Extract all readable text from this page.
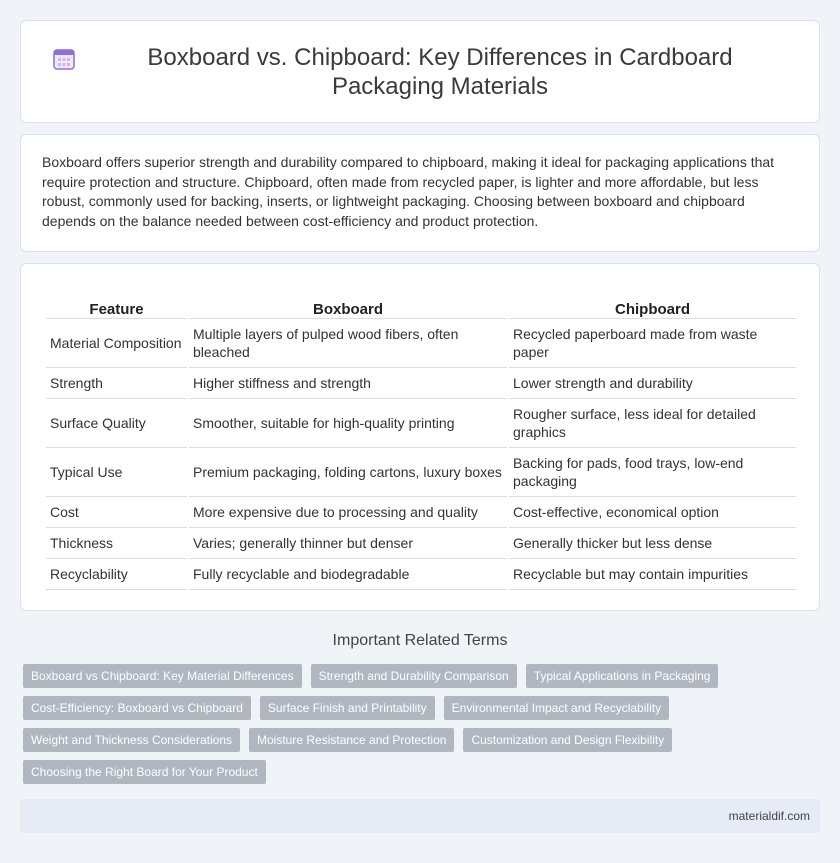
Boxboard vs. Chipboard: Key Differences in Cardboard Packaging Materials

Boxboard offers superior strength and durability compared to chipboard, making it ideal for packaging applications that require protection and structure. Chipboard, often made from recycled paper, is lighter and more affordable, but less robust, commonly used for backing, inserts, or lightweight packaging. Choosing between boxboard and chipboard depends on the balance needed between cost-efficiency and product protection.

Feature	Boxboard	Chipboard
Material Composition	Multiple layers of pulped wood fibers, often bleached	Recycled paperboard made from waste paper
Strength	Higher stiffness and strength	Lower strength and durability
Surface Quality	Smoother, suitable for high-quality printing	Rougher surface, less ideal for detailed graphics
Typical Use	Premium packaging, folding cartons, luxury boxes	Backing for pads, food trays, low-end packaging
Cost	More expensive due to processing and quality	Cost-effective, economical option
Thickness	Varies; generally thinner but denser	Generally thicker but less dense
Recyclability	Fully recyclable and biodegradable	Recyclable but may contain impurities
Important Related Terms
Boxboard vs Chipboard: Key Material Differences	Strength and Durability Comparison	Typical Applications in Packaging
Cost-Efficiency: Boxboard vs Chipboard	Surface Finish and Printability	Environmental Impact and Recyclability
Weight and Thickness Considerations	Moisture Resistance and Protection	Customization and Design Flexibility
Choosing the Right Board for Your Product
materialdif.com
